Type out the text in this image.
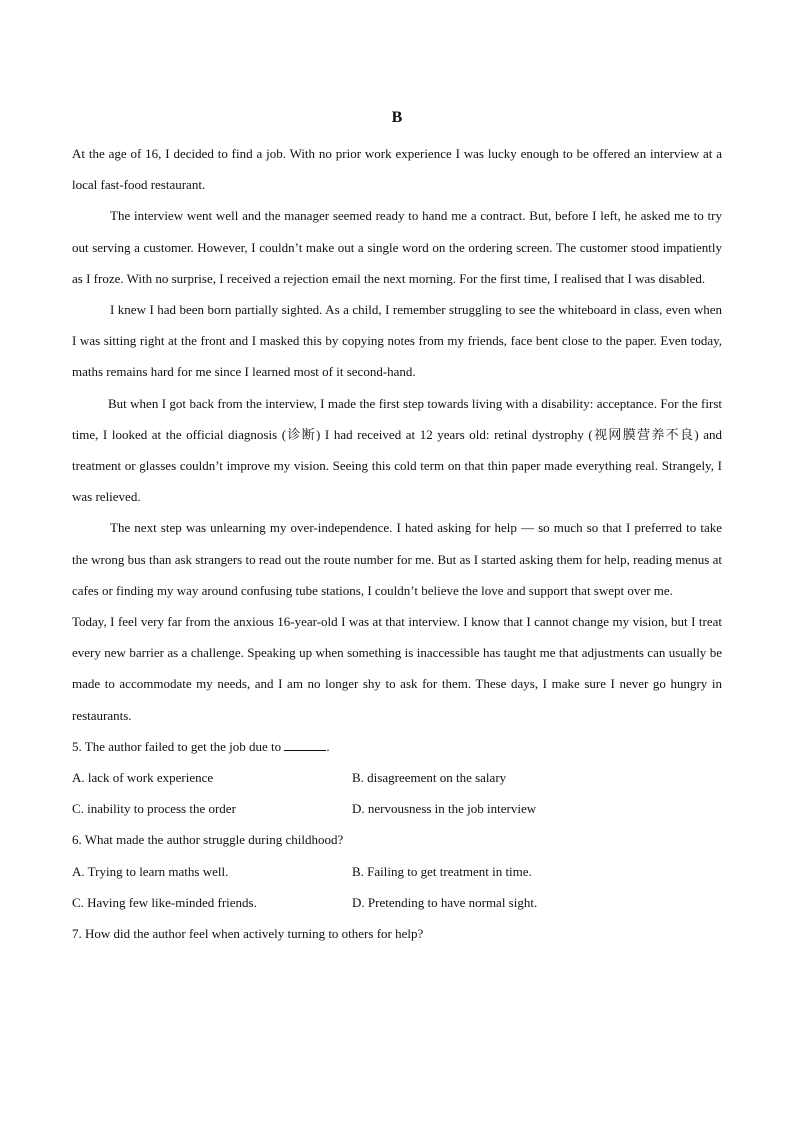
B

At the age of 16, I decided to find a job. With no prior work experience I was lucky enough to be offered an interview at a local fast-food restaurant.

The interview went well and the manager seemed ready to hand me a contract. But, before I left, he asked me to try out serving a customer. However, I couldn’t make out a single word on the ordering screen. The customer stood impatiently as I froze. With no surprise, I received a rejection email the next morning. For the first time, I realised that I was disabled.

I knew I had been born partially sighted. As a child, I remember struggling to see the whiteboard in class, even when I was sitting right at the front and I masked this by copying notes from my friends, face bent close to the paper. Even today, maths remains hard for me since I learned most of it second-hand.

But when I got back from the interview, I made the first step towards living with a disability: acceptance. For the first time, I looked at the official diagnosis (诊断) I had received at 12 years old: retinal dystrophy (视网膜营养不良) and treatment or glasses couldn’t improve my vision. Seeing this cold term on that thin paper made everything real. Strangely, I was relieved.

The next step was unlearning my over-independence. I hated asking for help — so much so that I preferred to take the wrong bus than ask strangers to read out the route number for me. But as I started asking them for help, reading menus at cafes or finding my way around confusing tube stations, I couldn’t believe the love and support that swept over me.

Today, I feel very far from the anxious 16-year-old I was at that interview. I know that I cannot change my vision, but I treat every new barrier as a challenge. Speaking up when something is inaccessible has taught me that adjustments can usually be made to accommodate my needs, and I am no longer shy to ask for them. These days, I make sure I never go hungry in restaurants.

5. The author failed to get the job due to	.

A. lack of work experience	B. disagreement on the salary
C. inability to process the order	D. nervousness in the job interview

6. What made the author struggle during childhood?

A. Trying to learn maths well.	B. Failing to get treatment in time.
C. Having few like-minded friends.	D. Pretending to have normal sight.

7. How did the author feel when actively turning to others for help?
